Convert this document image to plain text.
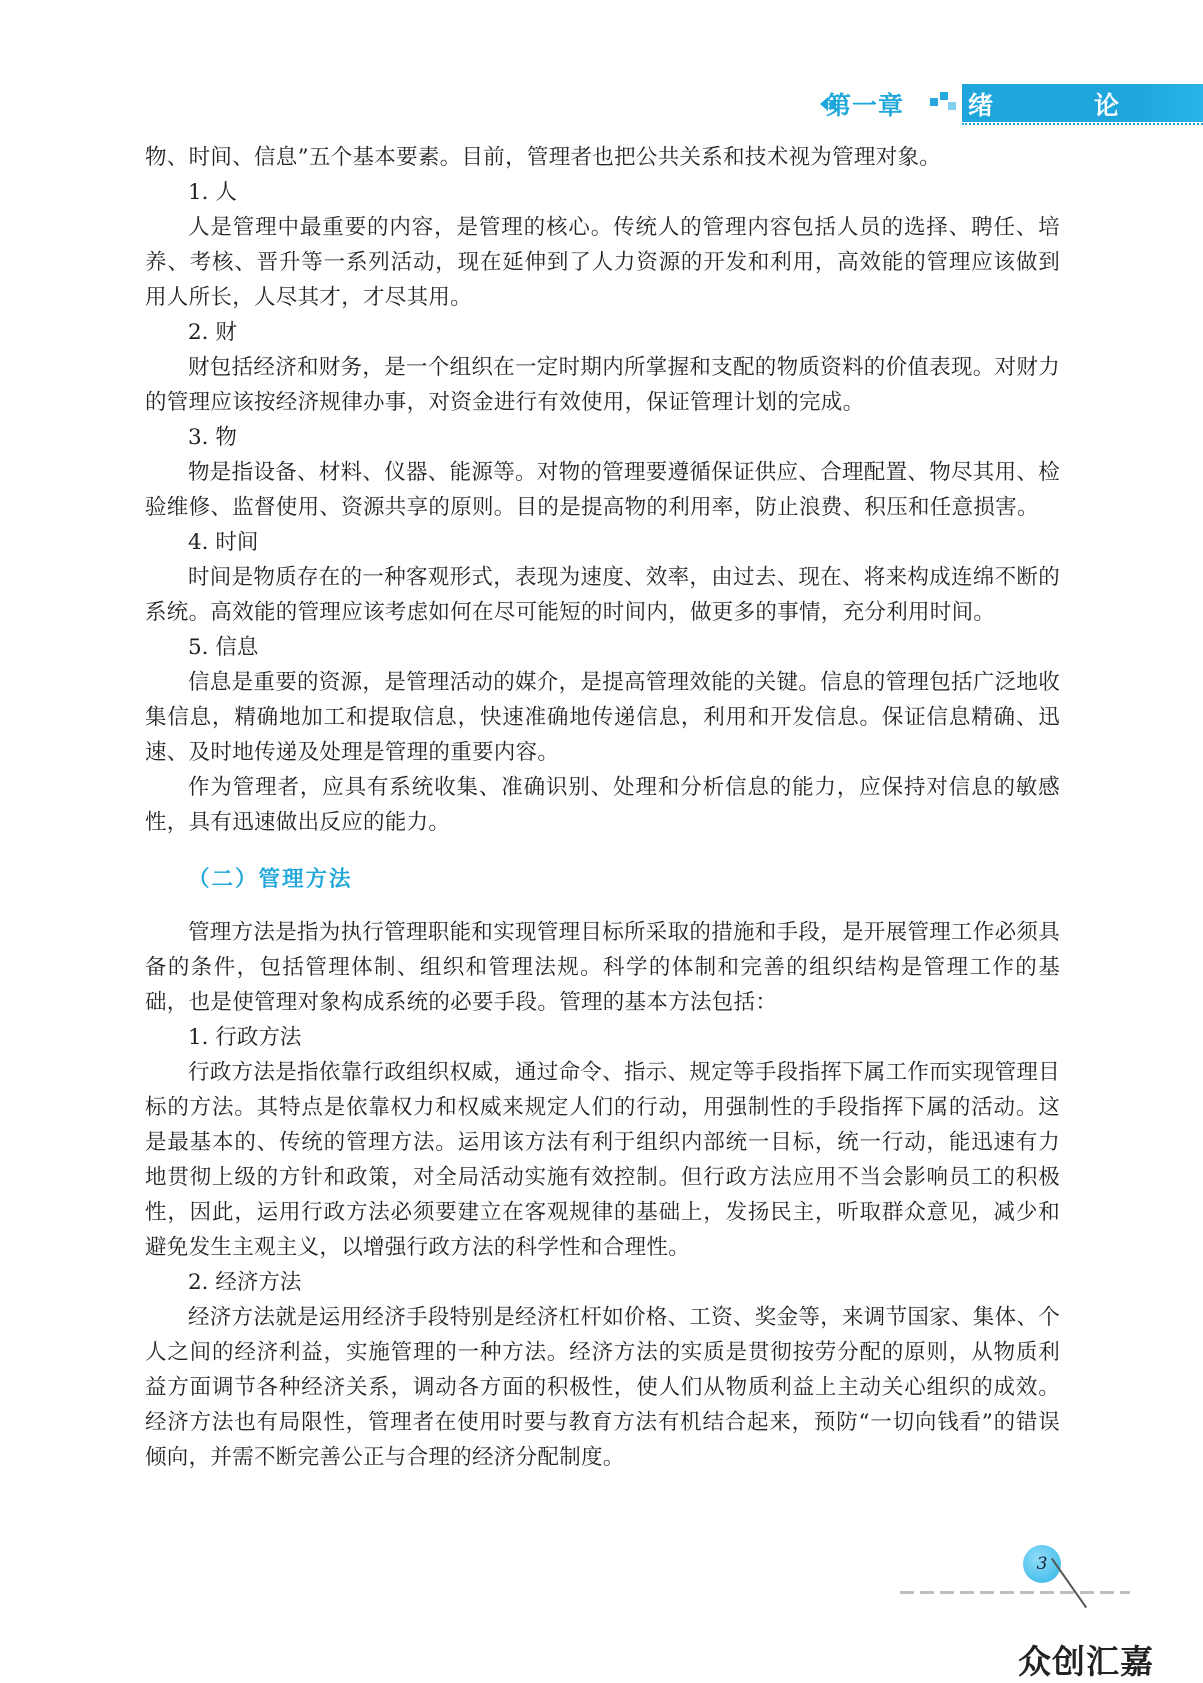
第一章	绪　论

物、时间、信息”五个基本要素。目前，管理者也把公共关系和技术视为管理对象。

1. 人

人是管理中最重要的内容，是管理的核心。传统人的管理内容包括人员的选择、聘任、培养、考核、晋升等一系列活动，现在延伸到了人力资源的开发和利用，高效能的管理应该做到用人所长，人尽其才，才尽其用。

2. 财

财包括经济和财务，是一个组织在一定时期内所掌握和支配的物质资料的价值表现。对财力的管理应该按经济规律办事，对资金进行有效使用，保证管理计划的完成。

3. 物

物是指设备、材料、仪器、能源等。对物的管理要遵循保证供应、合理配置、物尽其用、检验维修、监督使用、资源共享的原则。目的是提高物的利用率，防止浪费、积压和任意损害。

4. 时间

时间是物质存在的一种客观形式，表现为速度、效率，由过去、现在、将来构成连绵不断的系统。高效能的管理应该考虑如何在尽可能短的时间内，做更多的事情，充分利用时间。

5. 信息

信息是重要的资源，是管理活动的媒介，是提高管理效能的关键。信息的管理包括广泛地收集信息，精确地加工和提取信息，快速准确地传递信息，利用和开发信息。保证信息精确、迅速、及时地传递及处理是管理的重要内容。

作为管理者，应具有系统收集、准确识别、处理和分析信息的能力，应保持对信息的敏感性，具有迅速做出反应的能力。

（二）管理方法

管理方法是指为执行管理职能和实现管理目标所采取的措施和手段，是开展管理工作必须具备的条件，包括管理体制、组织和管理法规。科学的体制和完善的组织结构是管理工作的基础，也是使管理对象构成系统的必要手段。管理的基本方法包括：

1. 行政方法

行政方法是指依靠行政组织权威，通过命令、指示、规定等手段指挥下属工作而实现管理目标的方法。其特点是依靠权力和权威来规定人们的行动，用强制性的手段指挥下属的活动。这是最基本的、传统的管理方法。运用该方法有利于组织内部统一目标，统一行动，能迅速有力地贯彻上级的方针和政策，对全局活动实施有效控制。但行政方法应用不当会影响员工的积极性，因此，运用行政方法必须要建立在客观规律的基础上，发扬民主，听取群众意见，减少和避免发生主观主义，以增强行政方法的科学性和合理性。

2. 经济方法

经济方法就是运用经济手段特别是经济杠杆如价格、工资、奖金等，来调节国家、集体、个人之间的经济利益，实施管理的一种方法。经济方法的实质是贯彻按劳分配的原则，从物质利益方面调节各种经济关系，调动各方面的积极性，使人们从物质利益上主动关心组织的成效。经济方法也有局限性，管理者在使用时要与教育方法有机结合起来，预防“一切向钱看”的错误倾向，并需不断完善公正与合理的经济分配制度。

3
众创汇嘉
